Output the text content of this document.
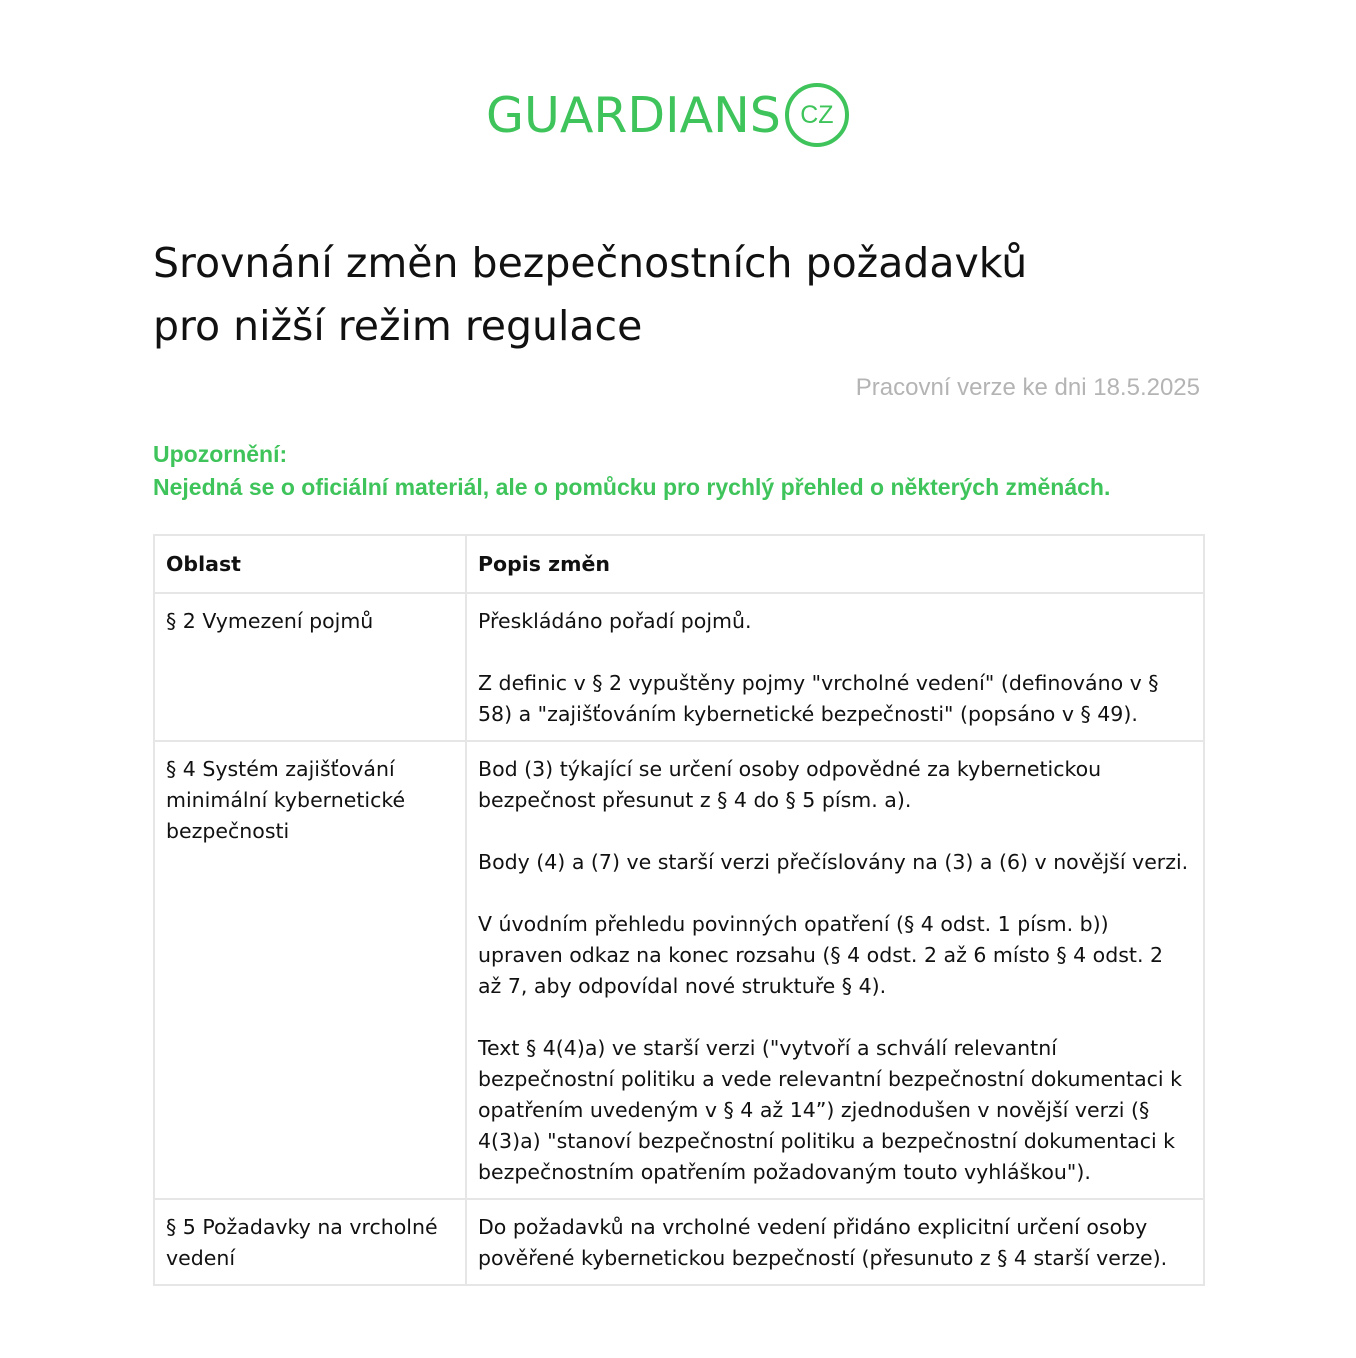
GUARDIANS CZ
Srovnání změn bezpečnostních požadavků
pro nižší režim regulace
Pracovní verze ke dni 18.5.2025
Upozornění:
Nejedná se o oficiální materiál, ale o pomůcku pro rychlý přehled o některých změnách.
Oblast	Popis změn
§ 2 Vymezení pojmů	Přeskládáno pořadí pojmů.

Z definic v § 2 vypuštěny pojmy "vrcholné vedení" (definováno v § 58) a "zajišťováním kybernetické bezpečnosti" (popsáno v § 49).

§ 4 Systém zajišťování minimální kybernetické bezpečnosti	Bod (3) týkající se určení osoby odpovědné za kybernetickou bezpečnost přesunut z § 4 do § 5 písm. a).

Body (4) a (7) ve starší verzi přečíslovány na (3) a (6) v novější verzi.

V úvodním přehledu povinných opatření (§ 4 odst. 1 písm. b)) upraven odkaz na konec rozsahu (§ 4 odst. 2 až 6 místo § 4 odst. 2 až 7, aby odpovídal nové struktuře § 4).

Text § 4(4)a) ve starší verzi ("vytvoří a schválí relevantní bezpečnostní politiku a vede relevantní bezpečnostní dokumentaci k opatřením uvedeným v § 4 až 14”) zjednodušen v novější verzi (§ 4(3)a) "stanoví bezpečnostní politiku a bezpečnostní dokumentaci k bezpečnostním opatřením požadovaným touto vyhláškou").

§ 5 Požadavky na vrcholné vedení	Do požadavků na vrcholné vedení přidáno explicitní určení osoby pověřené kybernetickou bezpečností (přesunuto z § 4 starší verze).
